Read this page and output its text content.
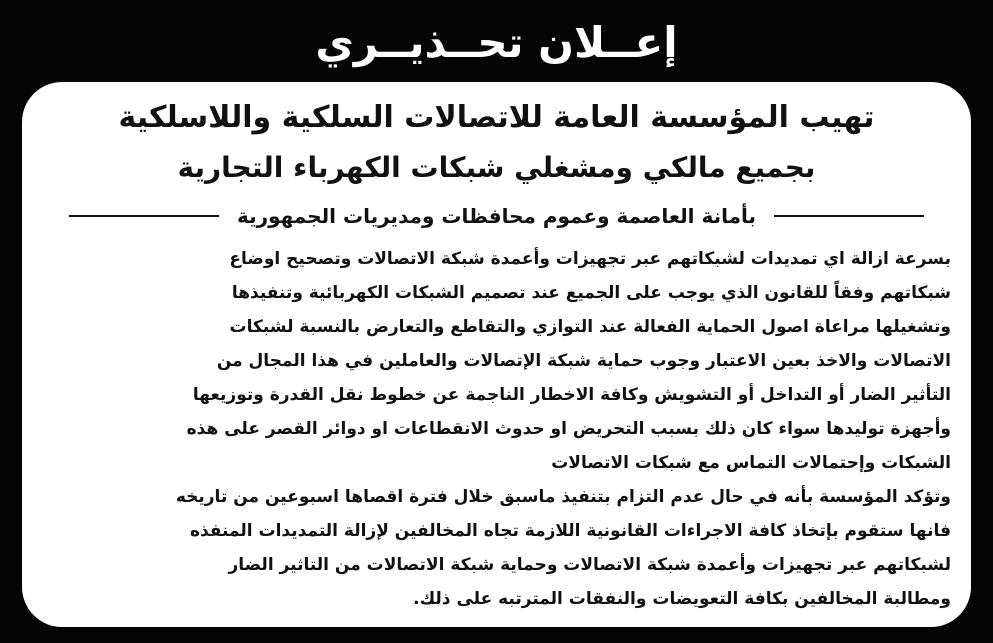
إعــلان تحــذيــري
تهيب المؤسسة العامة للاتصالات السلكية واللاسلكية
بجميع مالكي ومشغلي شبكات الكهرباء التجارية
بأمانة العاصمة وعموم محافظات ومديريات الجمهورية
بسرعة ازالة اي تمديدات لشبكاتهم عبر تجهيزات وأعمدة شبكة الاتصالات وتصحيح اوضاع
شبكاتهم وفقاً للقانون الذي يوجب على الجميع عند تصميم الشبكات الكهربائية وتنفيذها
وتشغيلها مراعاة اصول الحماية الفعالة عند التوازي والتقاطع والتعارض بالنسبة لشبكات
الاتصالات والاخذ بعين الاعتبار وجوب حماية شبكة الإتصالات والعاملين في هذا المجال من
التأثير الضار أو التداخل أو التشويش وكافة الاخطار الناجمة عن خطوط نقل القدرة وتوزيعها
وأجهزة توليدها سواء كان ذلك بسبب التحريض او حدوث الانقطاعات او دوائر القصر على هذه
الشبكات وإحتمالات التماس مع شبكات الاتصالات
وتؤكد المؤسسة بأنه في حال عدم التزام بتنفيذ ماسبق خلال فترة اقصاها اسبوعين من تاريخه
فانها ستقوم بإتخاذ كافة الاجراءات القانونية اللازمة تجاه المخالفين لإزالة التمديدات المنفذه
لشبكاتهم عبر تجهيزات وأعمدة شبكة الاتصالات وحماية شبكة الاتصالات من التاثير الضار
ومطالبة المخالفين بكافة التعويضات والنفقات المترتبه على ذلك.
